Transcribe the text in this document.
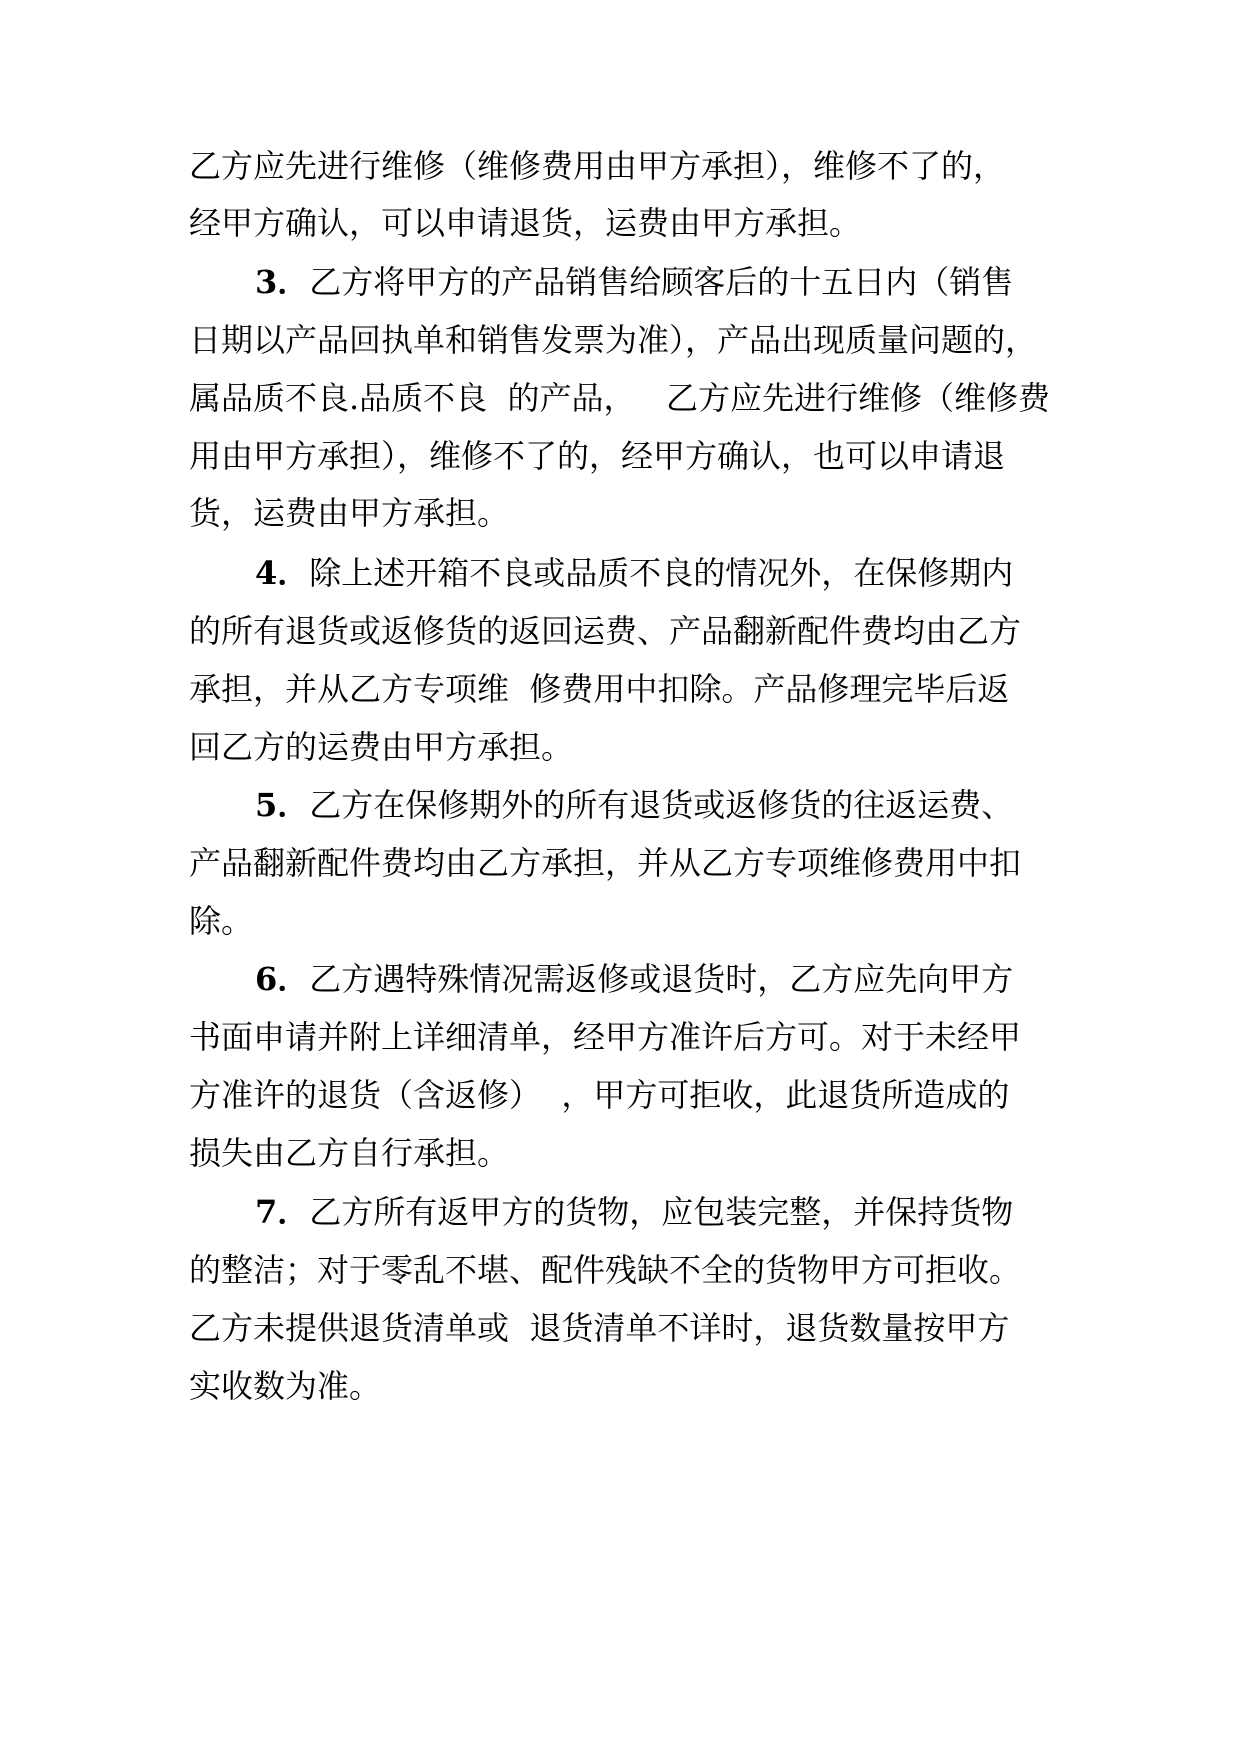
乙方应先进行维修（维修费用由甲方承担），维修不了的，
经甲方确认，可以申请退货，运费由甲方承担。
3．乙方将甲方的产品销售给顾客后的十五日内（销售
日期以产品回执单和销售发票为准），产品出现质量问题的，
属品质不良.品质不良  的产品，   乙方应先进行维修（维修费
用由甲方承担），维修不了的，经甲方确认，也可以申请退
货，运费由甲方承担。
4．除上述开箱不良或品质不良的情况外，在保修期内
的所有退货或返修货的返回运费、产品翻新配件费均由乙方
承担，并从乙方专项维  修费用中扣除。产品修理完毕后返
回乙方的运费由甲方承担。
5．乙方在保修期外的所有退货或返修货的往返运费、
产品翻新配件费均由乙方承担，并从乙方专项维修费用中扣
除。
6．乙方遇特殊情况需返修或退货时，乙方应先向甲方
书面申请并附上详细清单，经甲方准许后方可。对于未经甲
方准许的退货（含返修）  ，甲方可拒收，此退货所造成的
损失由乙方自行承担。
7．乙方所有返甲方的货物，应包装完整，并保持货物
的整洁；对于零乱不堪、配件残缺不全的货物甲方可拒收。
乙方未提供退货清单或  退货清单不详时，退货数量按甲方
实收数为准。
